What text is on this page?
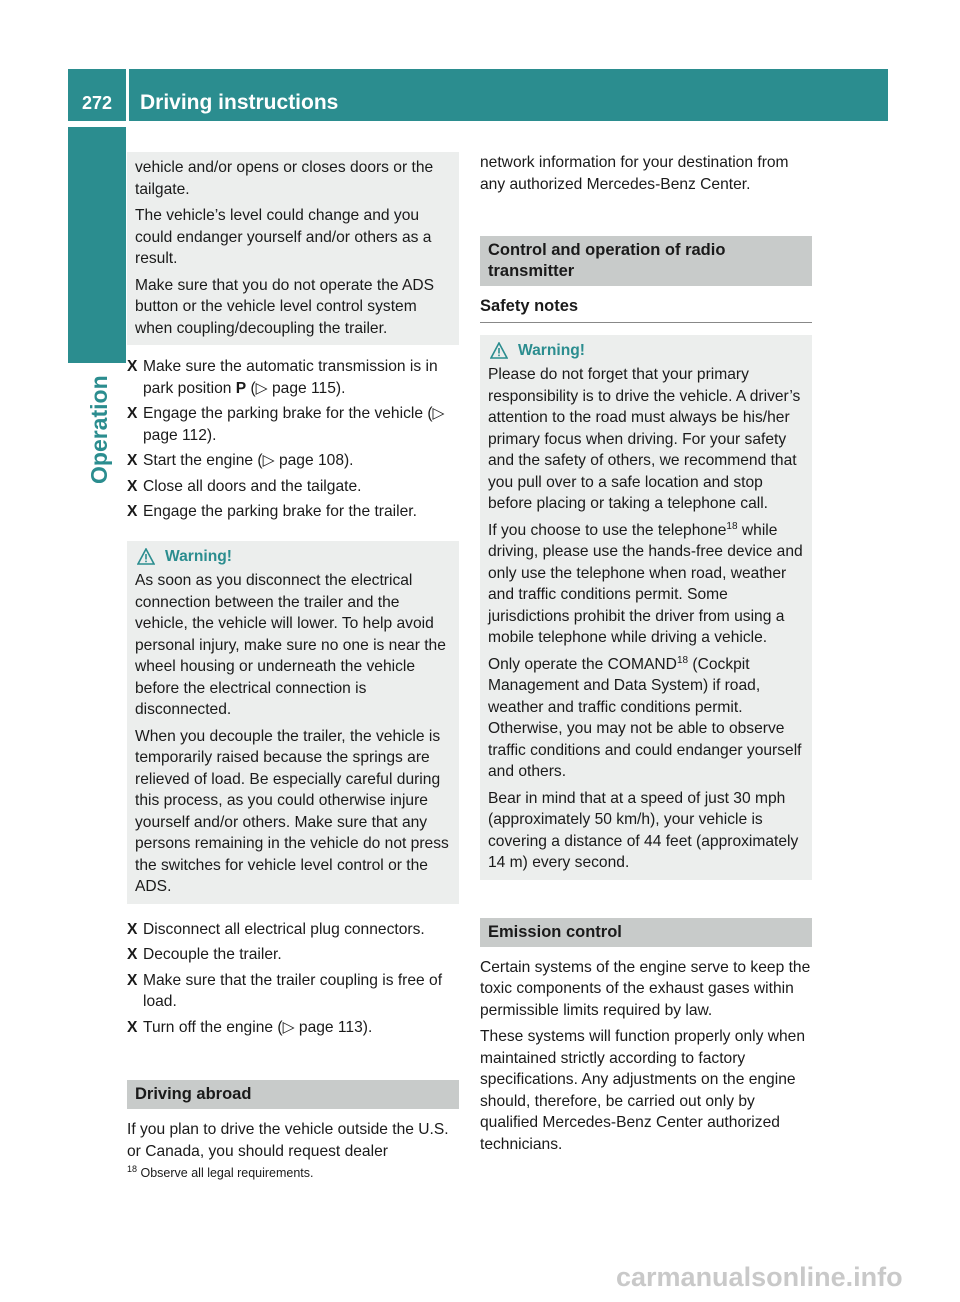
272	Driving instructions
Operation

vehicle and/or opens or closes doors or the tailgate.

The vehicle’s level could change and you could endanger yourself and/or others as a result.

Make sure that you do not operate the ADS button or the vehicle level control system when coupling/decoupling the trailer.

X Make sure the automatic transmission is in park position P (▷ page 115).
X Engage the parking brake for the vehicle (▷ page 112).
X Start the engine (▷ page 108).
X Close all doors and the tailgate.
X Engage the parking brake for the trailer.
Warning!

As soon as you disconnect the electrical connection between the trailer and the vehicle, the vehicle will lower. To help avoid personal injury, make sure no one is near the wheel housing or underneath the vehicle before the electrical connection is disconnected.

When you decouple the trailer, the vehicle is temporarily raised because the springs are relieved of load. Be especially careful during this process, as you could otherwise injure yourself and/or others. Make sure that any persons remaining in the vehicle do not press the switches for vehicle level control or the ADS.

X Disconnect all electrical plug connectors.
X Decouple the trailer.
X Make sure that the trailer coupling is free of load.
X Turn off the engine (▷ page 113).
Driving abroad

If you plan to drive the vehicle outside the U.S. or Canada, you should request dealer

$^{18}$ Observe all legal requirements.

network information for your destination from any authorized Mercedes-Benz Center.

Control and operation of radio transmitter
Safety notes
Warning!

Please do not forget that your primary responsibility is to drive the vehicle. A driver’s attention to the road must always be his/her primary focus when driving. For your safety and the safety of others, we recommend that you pull over to a safe location and stop before placing or taking a telephone call.

If you choose to use the telephone$^{18}$ while driving, please use the hands-free device and only use the telephone when road, weather and traffic conditions permit. Some jurisdictions prohibit the driver from using a mobile telephone while driving a vehicle.

Only operate the COMAND$^{18}$ (Cockpit Management and Data System) if road, weather and traffic conditions permit. Otherwise, you may not be able to observe traffic conditions and could endanger yourself and others.

Bear in mind that at a speed of just 30 mph (approximately 50 km/h), your vehicle is covering a distance of 44 feet (approximately 14 m) every second.

Emission control

Certain systems of the engine serve to keep the toxic components of the exhaust gases within permissible limits required by law.

These systems will function properly only when maintained strictly according to factory specifications. Any adjustments on the engine should, therefore, be carried out only by qualified Mercedes-Benz Center authorized technicians.

carmanualsonline.info
